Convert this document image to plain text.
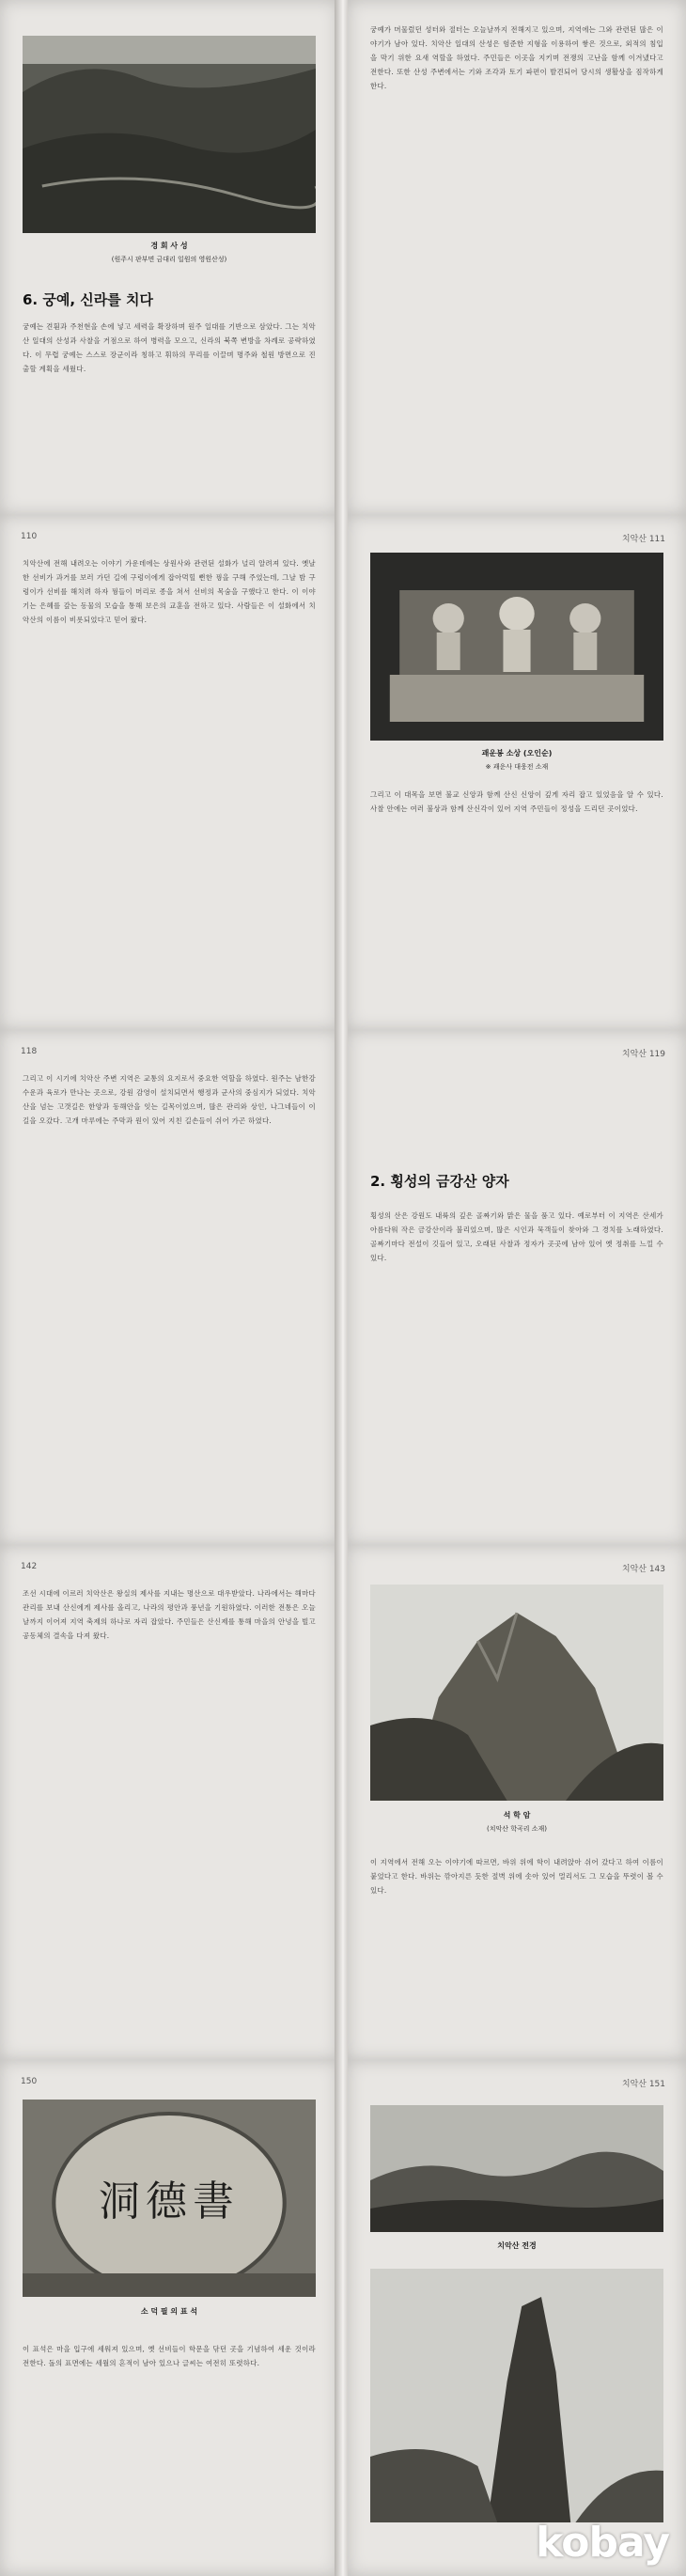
경 회 사 성
(원주시 판부면 금대리 일원의 영원산성)
6. 궁예, 신라를 치다
궁예는 견훤과 주천현을 손에 넣고 세력을 확장하며 원주 일대를 기반으로 삼았다. 그는 치악산 일대의 산성과 사찰을 거점으로 하여 병력을 모으고, 신라의 북쪽 변방을 차례로 공략하였다. 이 무렵 궁예는 스스로 장군이라 칭하고 휘하의 무리를 이끌며 명주와 철원 방면으로 진출할 계획을 세웠다.
궁예가 머물렀던 성터와 절터는 오늘날까지 전해지고 있으며, 지역에는 그와 관련된 많은 이야기가 남아 있다. 치악산 일대의 산성은 험준한 지형을 이용하여 쌓은 것으로, 외적의 침입을 막기 위한 요새 역할을 하였다. 주민들은 이곳을 지키며 전쟁의 고난을 함께 이겨냈다고 전한다. 또한 산성 주변에서는 기와 조각과 토기 파편이 발견되어 당시의 생활상을 짐작하게 한다.
110
치악산에 전해 내려오는 이야기 가운데에는 상원사와 관련된 설화가 널리 알려져 있다. 옛날 한 선비가 과거를 보러 가던 길에 구렁이에게 잡아먹힐 뻔한 꿩을 구해 주었는데, 그날 밤 구렁이가 선비를 해치려 하자 꿩들이 머리로 종을 쳐서 선비의 목숨을 구했다고 한다. 이 이야기는 은혜를 갚는 동물의 모습을 통해 보은의 교훈을 전하고 있다. 사람들은 이 설화에서 치악산의 이름이 비롯되었다고 믿어 왔다.
치악산 111
괘운봉 소상 (오인순)
※ 괘운사 대웅전 소재
그리고 이 대목을 보면 불교 신앙과 함께 산신 신앙이 깊게 자리 잡고 있었음을 알 수 있다. 사찰 안에는 여러 불상과 함께 산신각이 있어 지역 주민들이 정성을 드리던 곳이었다.
118
그리고 이 시기에 치악산 주변 지역은 교통의 요지로서 중요한 역할을 하였다. 원주는 남한강 수운과 육로가 만나는 곳으로, 강원 감영이 설치되면서 행정과 군사의 중심지가 되었다. 치악산을 넘는 고갯길은 한양과 동해안을 잇는 길목이었으며, 많은 관리와 상인, 나그네들이 이 길을 오갔다. 고개 마루에는 주막과 원이 있어 지친 길손들이 쉬어 가곤 하였다.
치악산 119
2. 횡성의 금강산 양자
횡성의 산은 강원도 내륙의 깊은 골짜기와 맑은 물을 품고 있다. 예로부터 이 지역은 산세가 아름다워 작은 금강산이라 불리었으며, 많은 시인과 묵객들이 찾아와 그 경치를 노래하였다. 골짜기마다 전설이 깃들어 있고, 오래된 사찰과 정자가 곳곳에 남아 있어 옛 정취를 느낄 수 있다.
142
조선 시대에 이르러 치악산은 왕실의 제사를 지내는 명산으로 대우받았다. 나라에서는 해마다 관리를 보내 산신에게 제사를 올리고, 나라의 평안과 풍년을 기원하였다. 이러한 전통은 오늘날까지 이어져 지역 축제의 하나로 자리 잡았다. 주민들은 산신제를 통해 마을의 안녕을 빌고 공동체의 결속을 다져 왔다.
치악산 143
석 학 암
(치악산 학곡리 소재)
이 지역에서 전해 오는 이야기에 따르면, 바위 위에 학이 내려앉아 쉬어 갔다고 하여 이름이 붙었다고 한다. 바위는 깎아지른 듯한 절벽 위에 솟아 있어 멀리서도 그 모습을 뚜렷이 볼 수 있다.
150
洞德書
소 덕 필 의 표 석
이 표석은 마을 입구에 세워져 있으며, 옛 선비들이 학문을 닦던 곳을 기념하여 세운 것이라 전한다. 돌의 표면에는 세월의 흔적이 남아 있으나 글씨는 여전히 또렷하다.
치악산 151
치악산 전경
kobay
